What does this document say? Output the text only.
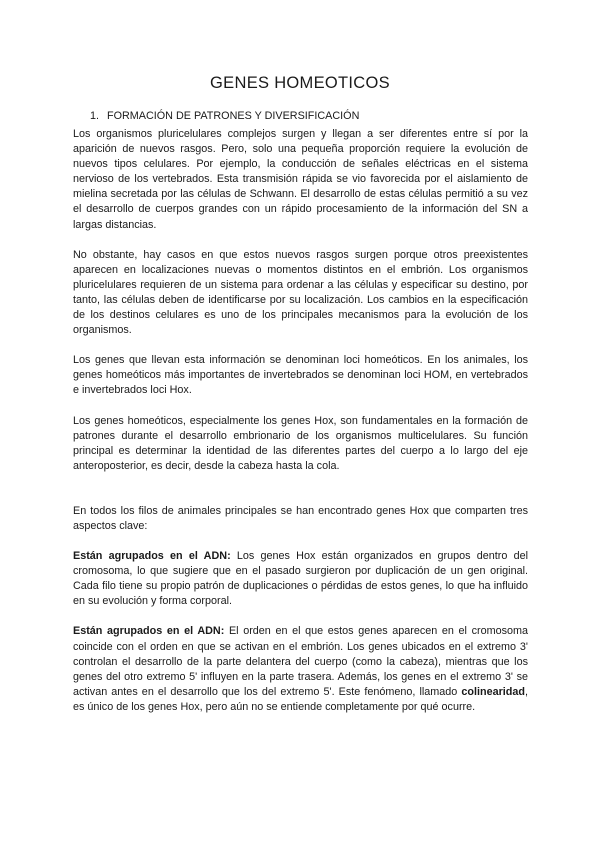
GENES HOMEOTICOS
1. FORMACIÓN DE PATRONES Y DIVERSIFICACIÓN

Los organismos pluricelulares complejos surgen y llegan a ser diferentes entre sí por la aparición de nuevos rasgos. Pero, solo una pequeña proporción requiere la evolución de nuevos tipos celulares. Por ejemplo, la conducción de señales eléctricas en el sistema nervioso de los vertebrados. Esta transmisión rápida se vio favorecida por el aislamiento de mielina secretada por las células de Schwann. El desarrollo de estas células permitió a su vez el desarrollo de cuerpos grandes con un rápido procesamiento de la información del SN a largas distancias.

No obstante, hay casos en que estos nuevos rasgos surgen porque otros preexistentes aparecen en localizaciones nuevas o momentos distintos en el embrión. Los organismos pluricelulares requieren de un sistema para ordenar a las células y especificar su destino, por tanto, las células deben de identificarse por su localización. Los cambios en la especificación de los destinos celulares es uno de los principales mecanismos para la evolución de los organismos.

Los genes que llevan esta información se denominan loci homeóticos. En los animales, los genes homeóticos más importantes de invertebrados se denominan loci HOM, en vertebrados e invertebrados loci Hox.

Los genes homeóticos, especialmente los genes Hox, son fundamentales en la formación de patrones durante el desarrollo embrionario de los organismos multicelulares. Su función principal es determinar la identidad de las diferentes partes del cuerpo a lo largo del eje anteroposterior, es decir, desde la cabeza hasta la cola.

En todos los filos de animales principales se han encontrado genes Hox que comparten tres aspectos clave:

Están agrupados en el ADN: Los genes Hox están organizados en grupos dentro del cromosoma, lo que sugiere que en el pasado surgieron por duplicación de un gen original. Cada filo tiene su propio patrón de duplicaciones o pérdidas de estos genes, lo que ha influido en su evolución y forma corporal.

Están agrupados en el ADN: El orden en el que estos genes aparecen en el cromosoma coincide con el orden en que se activan en el embrión. Los genes ubicados en el extremo 3' controlan el desarrollo de la parte delantera del cuerpo (como la cabeza), mientras que los genes del otro extremo 5' influyen en la parte trasera. Además, los genes en el extremo 3' se activan antes en el desarrollo que los del extremo 5'. Este fenómeno, llamado colinearidad, es único de los genes Hox, pero aún no se entiende completamente por qué ocurre.
